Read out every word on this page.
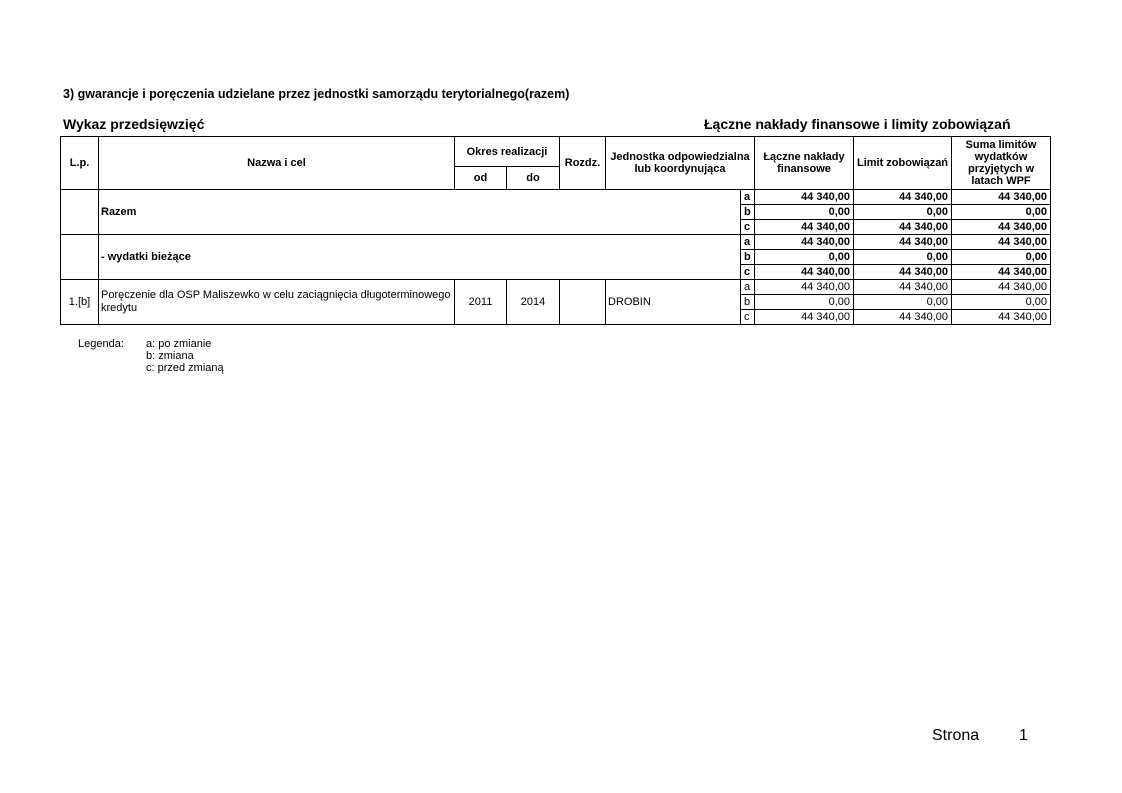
3) gwarancje i poręczenia udzielane przez jednostki samorządu terytorialnego(razem)
Wykaz przedsięwzięć	Łączne nakłady finansowe i limity zobowiązań
L.p.	Nazwa i cel	Okres realizacji		Rozdz.	Jednostka odpowiedzialna lub koordynująca		Łączne nakłady finansowe	Limit zobowiązań	Suma limitów wydatków przyjętych w latach WPF
		od	do						
	Razem					a	44 340,00	44 340,00	44 340,00
						b	0,00	0,00	0,00
						c	44 340,00	44 340,00	44 340,00
	- wydatki bieżące					a	44 340,00	44 340,00	44 340,00
						b	0,00	0,00	0,00
						c	44 340,00	44 340,00	44 340,00
1.[b]	Poręczenie dla OSP Maliszewko w celu zaciągnięcia długoterminowego kredytu	2011	2014		DROBIN	a	44 340,00	44 340,00	44 340,00
						b	0,00	0,00	0,00
						c	44 340,00	44 340,00	44 340,00
Legenda: a: po zmianie
b: zmiana
c: przed zmianą
Strona 1
